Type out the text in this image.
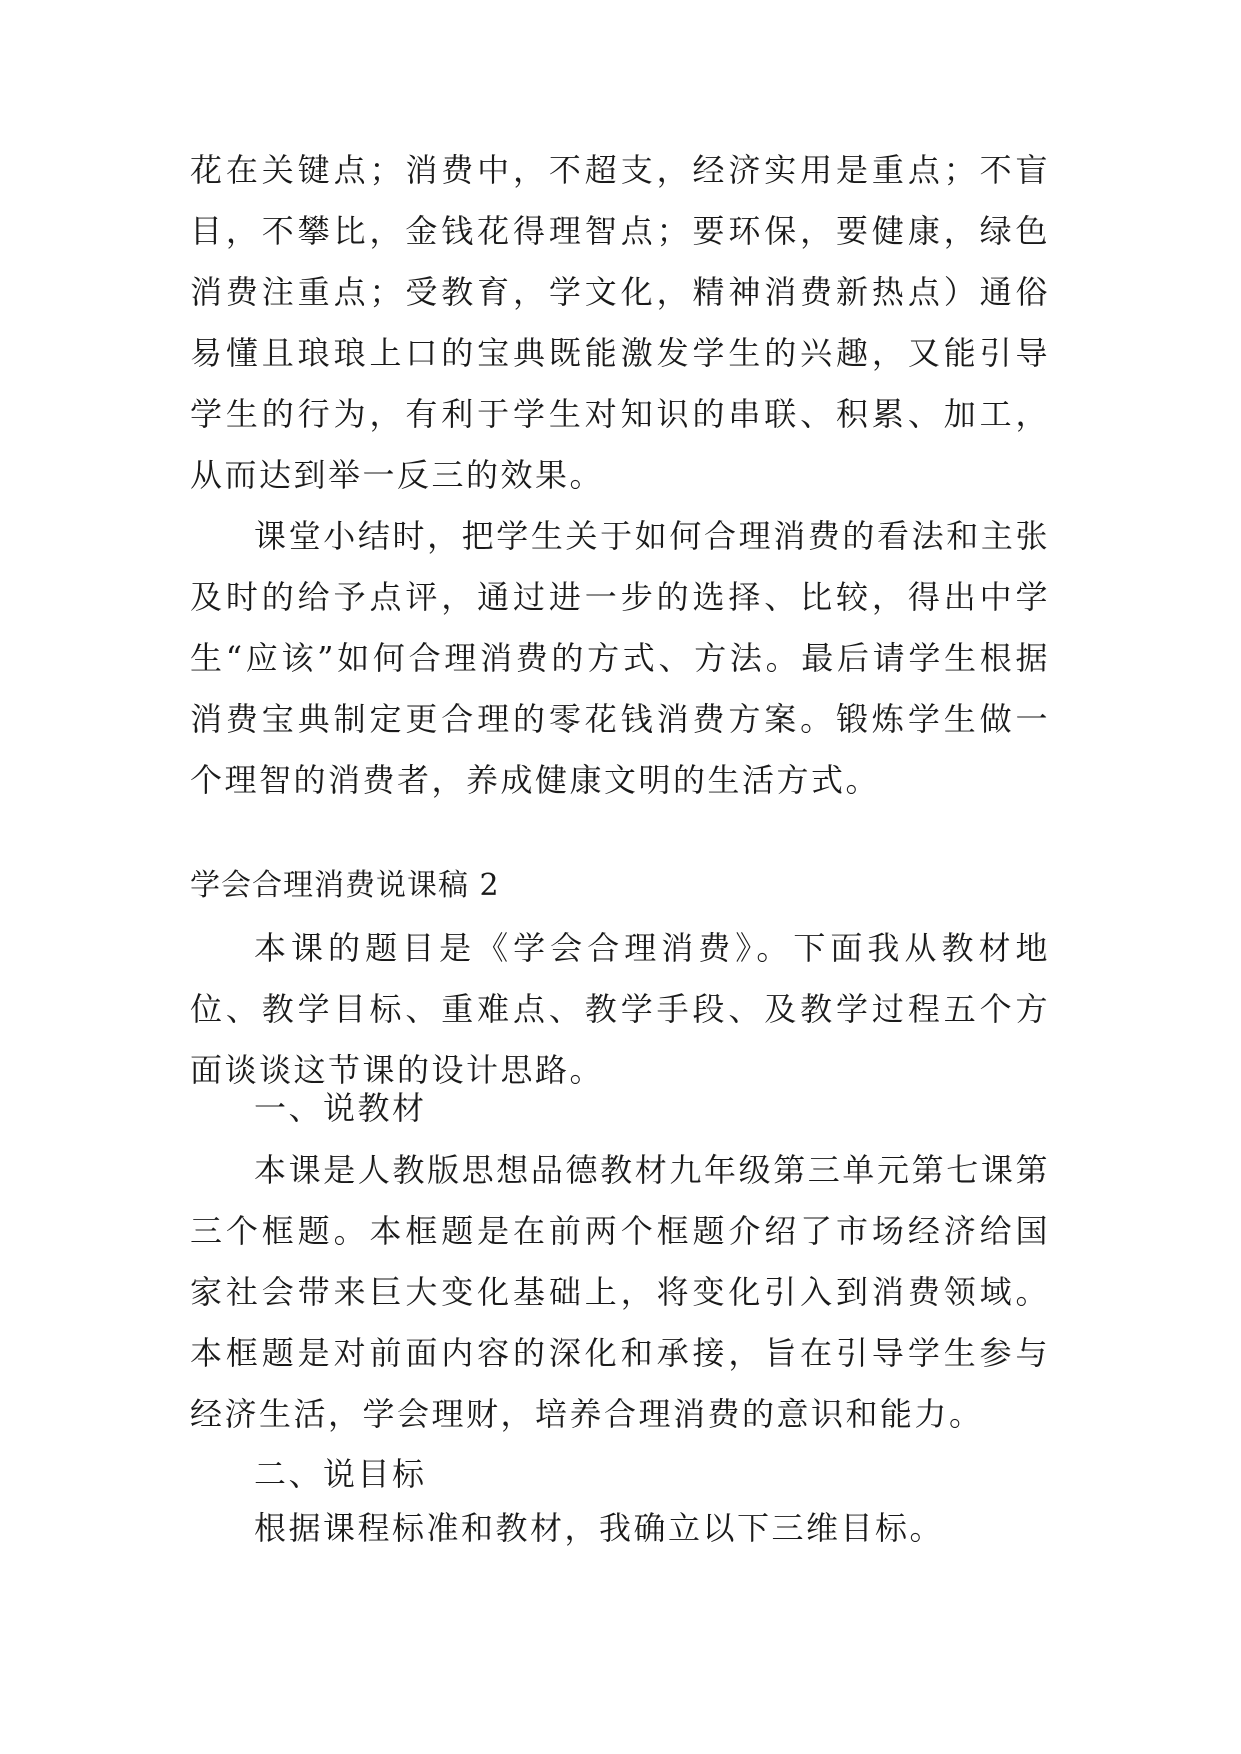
花在关键点；消费中，不超支，经济实用是重点；不盲目，不攀比，金钱花得理智点；要环保，要健康，绿色消费注重点；受教育，学文化，精神消费新热点）通俗易懂且琅琅上口的宝典既能激发学生的兴趣，又能引导学生的行为，有利于学生对知识的串联、积累、加工，从而达到举一反三的效果。

课堂小结时，把学生关于如何合理消费的看法和主张及时的给予点评，通过进一步的选择、比较，得出中学生“应该”如何合理消费的方式、方法。最后请学生根据消费宝典制定更合理的零花钱消费方案。锻炼学生做一个理智的消费者，养成健康文明的生活方式。

学会合理消费说课稿 2

本课的题目是《学会合理消费》。下面我从教材地位、教学目标、重难点、教学手段、及教学过程五个方面谈谈这节课的设计思路。

一、说教材

本课是人教版思想品德教材九年级第三单元第七课第三个框题。本框题是在前两个框题介绍了市场经济给国家社会带来巨大变化基础上，将变化引入到消费领域。本框题是对前面内容的深化和承接，旨在引导学生参与经济生活，学会理财，培养合理消费的意识和能力。

二、说目标

根据课程标准和教材，我确立以下三维目标。
